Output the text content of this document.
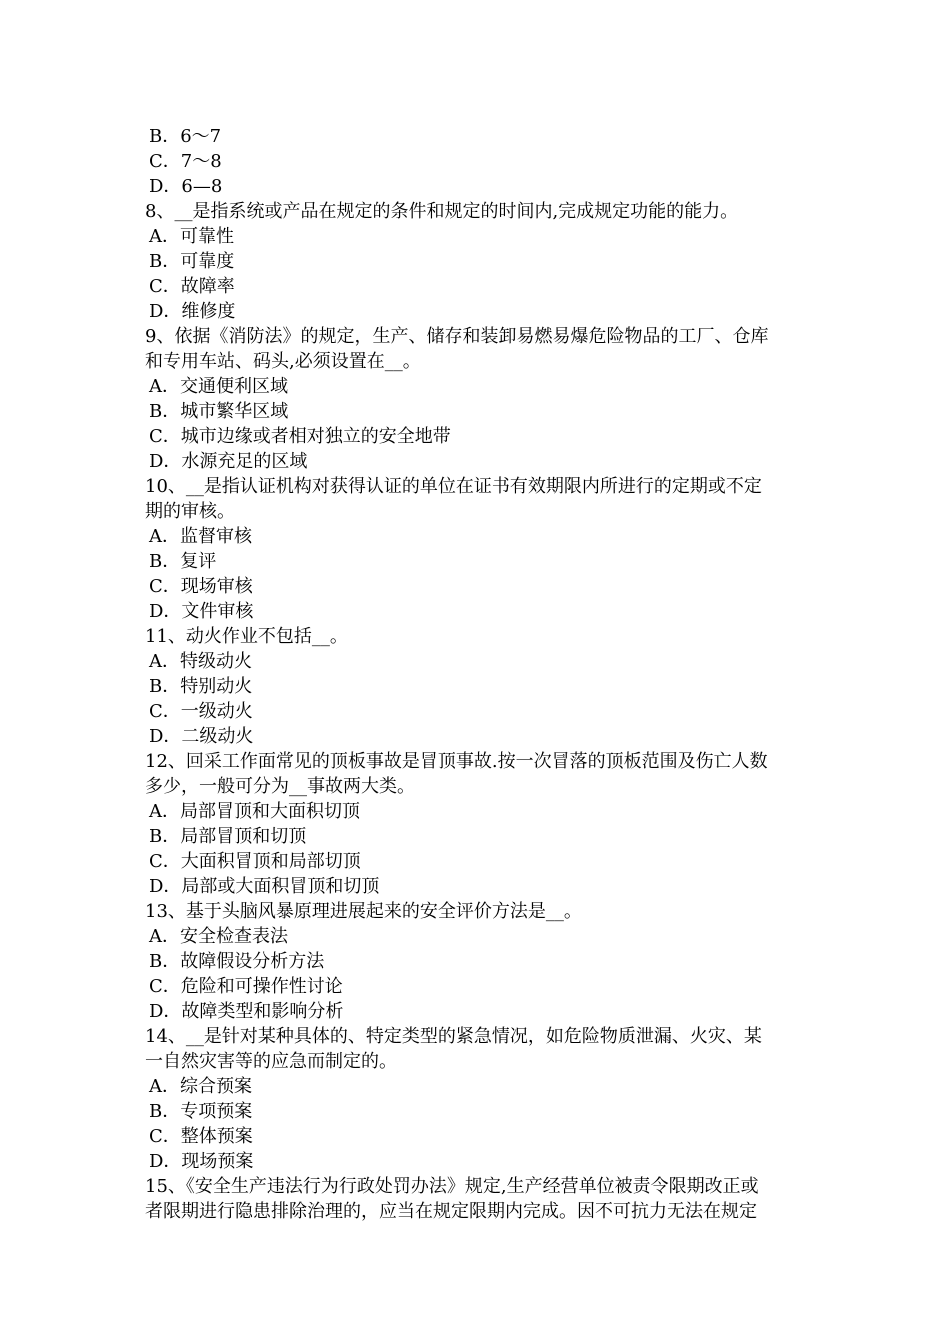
B．6～7
C．7～8
D．6—8
8、__是指系统或产品在规定的条件和规定的时间内,完成规定功能的能力。
A．可靠性
B．可靠度
C．故障率
D．维修度
9、依据《消防法》的规定，生产、储存和装卸易燃易爆危险物品的工厂、仓库
和专用车站、码头,必须设置在__。
A．交通便利区域
B．城市繁华区域
C．城市边缘或者相对独立的安全地带
D．水源充足的区域
10、__是指认证机构对获得认证的单位在证书有效期限内所进行的定期或不定
期的审核。
A．监督审核
B．复评
C．现场审核
D．文件审核
11、动火作业不包括__。
A．特级动火
B．特别动火
C．一级动火
D．二级动火
12、回采工作面常见的顶板事故是冒顶事故.按一次冒落的顶板范围及伤亡人数
多少，一般可分为__事故两大类。
A．局部冒顶和大面积切顶
B．局部冒顶和切顶
C．大面积冒顶和局部切顶
D．局部或大面积冒顶和切顶
13、基于头脑风暴原理进展起来的安全评价方法是__。
A．安全检查表法
B．故障假设分析方法
C．危险和可操作性讨论
D．故障类型和影响分析
14、__是针对某种具体的、特定类型的紧急情况，如危险物质泄漏、火灾、某
一自然灾害等的应急而制定的。
A．综合预案
B．专项预案
C．整体预案
D．现场预案
15、《安全生产违法行为行政处罚办法》规定,生产经营单位被责令限期改正或
者限期进行隐患排除治理的，应当在规定限期内完成。因不可抗力无法在规定
